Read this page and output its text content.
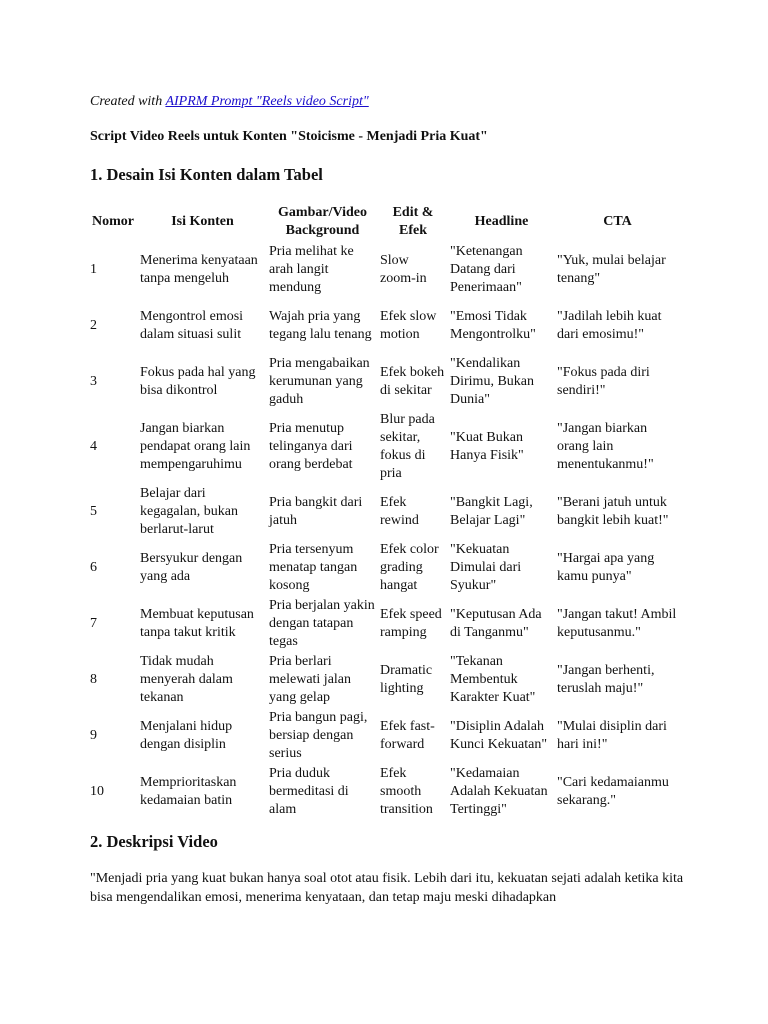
Created with AIPRM Prompt "Reels video Script"
Script Video Reels untuk Konten "Stoicisme - Menjadi Pria Kuat"
1. Desain Isi Konten dalam Tabel
Nomor	Isi Konten	Gambar/Video Background	Edit & Efek	Headline	CTA
1	Menerima kenyataan tanpa mengeluh	Pria melihat ke arah langit mendung	Slow zoom-in	"Ketenangan Datang dari Penerimaan"	"Yuk, mulai belajar tenang"
2	Mengontrol emosi dalam situasi sulit	Wajah pria yang tegang lalu tenang	Efek slow motion	"Emosi Tidak Mengontrolku"	"Jadilah lebih kuat dari emosimu!"
3	Fokus pada hal yang bisa dikontrol	Pria mengabaikan kerumunan yang gaduh	Efek bokeh di sekitar	"Kendalikan Dirimu, Bukan Dunia"	"Fokus pada diri sendiri!"
4	Jangan biarkan pendapat orang lain mempengaruhimu	Pria menutup telinganya dari orang berdebat	Blur pada sekitar, fokus di pria	"Kuat Bukan Hanya Fisik"	"Jangan biarkan orang lain menentukanmu!"
5	Belajar dari kegagalan, bukan berlarut-larut	Pria bangkit dari jatuh	Efek rewind	"Bangkit Lagi, Belajar Lagi"	"Berani jatuh untuk bangkit lebih kuat!"
6	Bersyukur dengan yang ada	Pria tersenyum menatap tangan kosong	Efek color grading hangat	"Kekuatan Dimulai dari Syukur"	"Hargai apa yang kamu punya"
7	Membuat keputusan tanpa takut kritik	Pria berjalan yakin dengan tatapan tegas	Efek speed ramping	"Keputusan Ada di Tanganmu"	"Jangan takut! Ambil keputusanmu."
8	Tidak mudah menyerah dalam tekanan	Pria berlari melewati jalan yang gelap	Dramatic lighting	"Tekanan Membentuk Karakter Kuat"	"Jangan berhenti, teruslah maju!"
9	Menjalani hidup dengan disiplin	Pria bangun pagi, bersiap dengan serius	Efek fast-forward	"Disiplin Adalah Kunci Kekuatan"	"Mulai disiplin dari hari ini!"
10	Memprioritaskan kedamaian batin	Pria duduk bermeditasi di alam	Efek smooth transition	"Kedamaian Adalah Kekuatan Tertinggi"	"Cari kedamaianmu sekarang."
2. Deskripsi Video

"Menjadi pria yang kuat bukan hanya soal otot atau fisik. Lebih dari itu, kekuatan sejati adalah ketika kita bisa mengendalikan emosi, menerima kenyataan, dan tetap maju meski dihadapkan
